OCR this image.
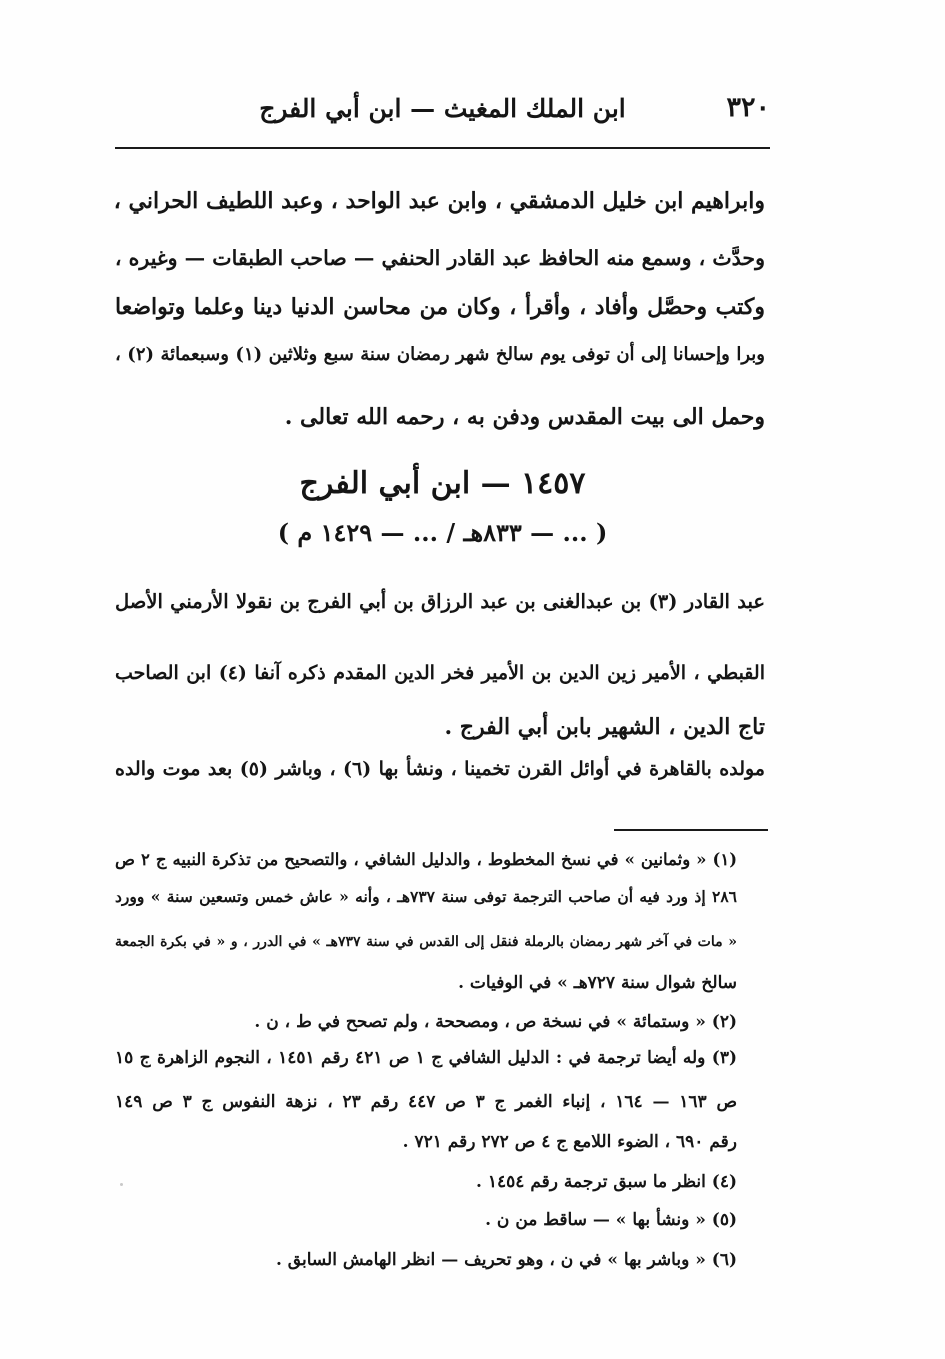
٣٢٠
ابن الملك المغيث — ابن أبي الفرج
وابراهيم ابن خليل الدمشقي ، وابن عبد الواحد ، وعبد اللطيف الحراني ،
وحدَّث ، وسمع منه الحافظ عبد القادر الحنفي — صاحب الطبقات — وغيره ،
وكتب وحصَّل وأفاد ، وأقرأ ، وكان من محاسن الدنيا دينا وعلما وتواضعا
وبرا وإحسانا إلى أن توفى يوم سالخ شهر رمضان سنة سبع وثلاثين (١) وسبعمائة (٢) ،
وحمل الى بيت المقدس ودفن به ، رحمه الله تعالى .
١٤٥٧ — ابن أبي الفرج
( ... — ٨٣٣هـ / ... — ١٤٢٩ م )
عبد القادر (٣) بن عبدالغنى بن عبد الرزاق بن أبي الفرج بن نقولا الأرمني الأصل
القبطي ، الأمير زين الدين بن الأمير فخر الدين المقدم ذكره آنفا (٤) ابن الصاحب
تاج الدين ، الشهير بابن أبي الفرج .
مولده بالقاهرة في أوائل القرن تخمينا ، ونشأ بها (٦) ، وباشر (٥) بعد موت والده
(١) « وثمانين » في نسخ المخطوط ، والدليل الشافي ، والتصحيح من تذكرة النبيه ج ٢ ص
٢٨٦ إذ ورد فيه أن صاحب الترجمة توفى سنة ٧٣٧هـ ، وأنه « عاش خمس وتسعين سنة » وورد
« مات في آخر شهر رمضان بالرملة فنقل إلى القدس في سنة ٧٣٧هـ » في الدرر ، و « في بكرة الجمعة
سالخ شوال سنة ٧٢٧هـ » في الوفيات .
(٢) « وستمائة » في نسخة ص ، ومصححة ، ولم تصحح في ط ، ن .
(٣) وله أيضا ترجمة في : الدليل الشافي ج ١ ص ٤٢١ رقم ١٤٥١ ، النجوم الزاهرة ج ١٥
ص ١٦٣ — ١٦٤ ، إنباء الغمر ج ٣ ص ٤٤٧ رقم ٢٣ ، نزهة النفوس ج ٣ ص ١٤٩
رقم ٦٩٠ ، الضوء اللامع ج ٤ ص ٢٧٢ رقم ٧٢١ .
(٤) انظر ما سبق ترجمة رقم ١٤٥٤ .
(٥) « ونشأ بها » — ساقط من ن .
(٦) « وباشر بها » في ن ، وهو تحريف — انظر الهامش السابق .
